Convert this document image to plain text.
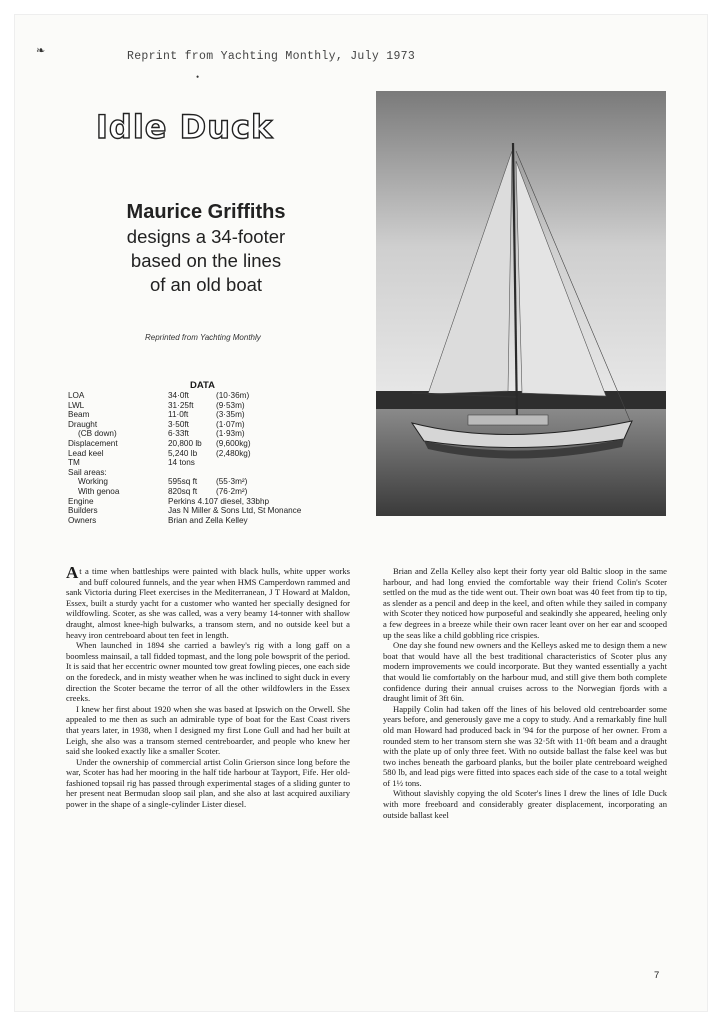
❧	Reprint from Yachting Monthly, July 1973
•
Idle Duck
Maurice Griffiths
designs a 34-footer
based on the lines
of an old boat
Reprinted from Yachting Monthly
DATA
LOA	34·0ft	(10·36m)
LWL	31·25ft	(9·53m)
Beam	11·0ft	(3·35m)
Draught	3·50ft	(1·07m)
(CB down)	6·33ft	(1·93m)
Displacement	20,800 lb	(9,600kg)
Lead keel	5,240 lb	(2,480kg)
TM	14 tons
Sail areas:
Working	595sq ft	(55·3m²)
With genoa	820sq ft	(76·2m²)
Engine	Perkins 4.107 diesel, 33bhp
Builders	Jas N Miller & Sons Ltd, St Monance
Owners	Brian and Zella Kelley

At a time when battleships were painted with black hulls, white upper works and buff coloured funnels, and the year when HMS Camperdown rammed and sank Victoria during Fleet exercises in the Mediterranean, J T Howard at Maldon, Essex, built a sturdy yacht for a customer who wanted her specially designed for wildfowling. Scoter, as she was called, was a very beamy 14-tonner with shallow draught, almost knee-high bulwarks, a transom stern, and no outside keel but a heavy iron centreboard about ten feet in length.

When launched in 1894 she carried a bawley's rig with a long gaff on a boomless mainsail, a tall fidded topmast, and the long pole bowsprit of the period. It is said that her eccentric owner mounted tow great fowling pieces, one each side on the foredeck, and in misty weather when he was inclined to sight duck in every direction the Scoter became the terror of all the other wildfowlers in the Essex creeks.

I knew her first about 1920 when she was based at Ipswich on the Orwell. She appealed to me then as such an admirable type of boat for the East Coast rivers that years later, in 1938, when I designed my first Lone Gull and had her built at Leigh, she also was a transom sterned centreboarder, and people who knew her said she looked exactly like a smaller Scoter.

Under the ownership of commercial artist Colin Grierson since long before the war, Scoter has had her mooring in the half tide harbour at Tayport, Fife. Her old-fashioned topsail rig has passed through experimental stages of a sliding gunter to her present neat Bermudan sloop sail plan, and she also at last acquired auxiliary power in the shape of a single-cylinder Lister diesel.

Brian and Zella Kelley also kept their forty year old Baltic sloop in the same harbour, and had long envied the comfortable way their friend Colin's Scoter settled on the mud as the tide went out. Their own boat was 40 feet from tip to tip, as slender as a pencil and deep in the keel, and often while they sailed in company with Scoter they noticed how purposeful and seakindly she appeared, heeling only a few degrees in a breeze while their own racer leant over on her ear and scooped up the seas like a child gobbling rice crispies.

One day she found new owners and the Kelleys asked me to design them a new boat that would have all the best traditional characteristics of Scoter plus any modern improvements we could incorporate. But they wanted essentially a yacht that would lie comfortably on the harbour mud, and still give them both complete confidence during their annual cruises across to the Norwegian fjords with a draught limit of 3ft 6in.

Happily Colin had taken off the lines of his beloved old centreboarder some years before, and generously gave me a copy to study. And a remarkably fine hull old man Howard had produced back in '94 for the purpose of her owner. From a rounded stem to her transom stern she was 32·5ft with 11·0ft beam and a draught with the plate up of only three feet. With no outside ballast the false keel was but two inches beneath the garboard planks, but the boiler plate centreboard weighed 580 lb, and lead pigs were fitted into spaces each side of the case to a total weight of 1½ tons.

Without slavishly copying the old Scoter's lines I drew the lines of Idle Duck with more freeboard and considerably greater displacement, incorporating an outside ballast keel

7
